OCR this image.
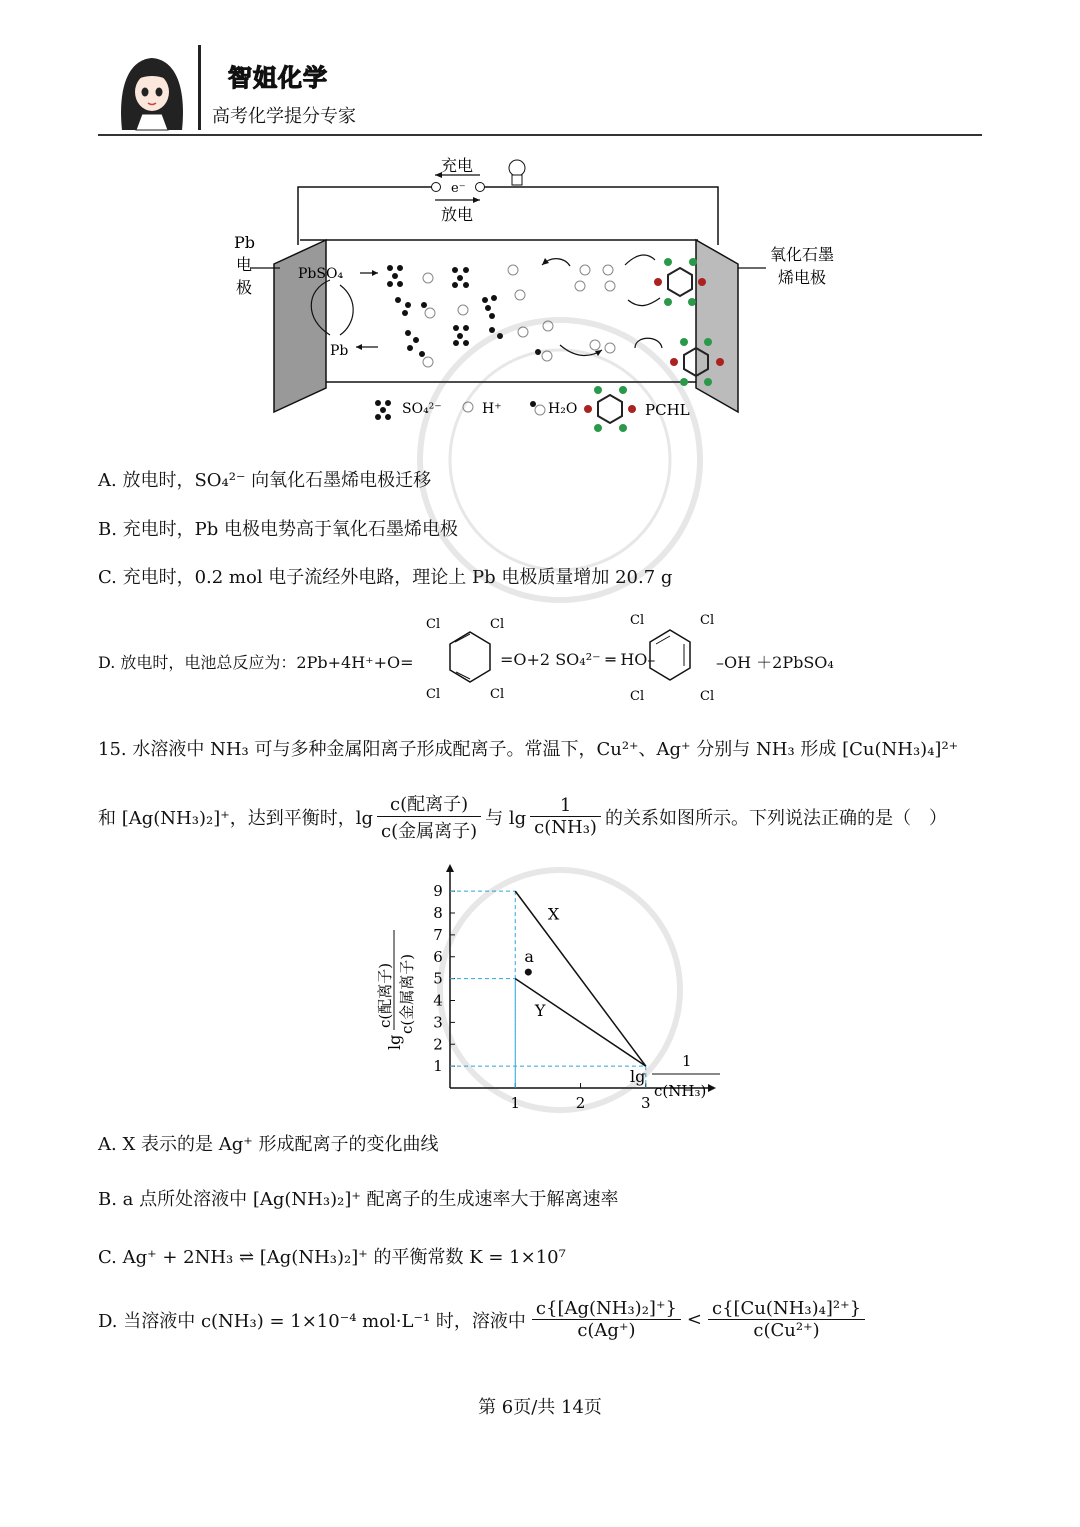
智姐化学
高考化学提分专家
充电
e⁻
放电
Pb
电
极
氧化石墨
烯电极
PbSO₄
Pb
SO₄²⁻	H⁺	H₂O	PCHL
A. 放电时，SO₄²⁻ 向氧化石墨烯电极迁移
B. 充电时，Pb 电极电势高于氧化石墨烯电极
C. 充电时，0.2 mol 电子流经外电路，理论上 Pb 电极质量增加 20.7 g
D. 放电时，电池总反应为：2Pb+4H⁺+O=
Cl	Cl
Cl	Cl
=O+2 SO₄²⁻ ═ HO–
Cl	Cl
Cl	Cl
–OH ＋2PbSO₄
15. 水溶液中 NH₃ 可与多种金属阳离子形成配离子。常温下，Cu²⁺、Ag⁺ 分别与 NH₃ 形成 [Cu(NH₃)₄]²⁺
和 [Ag(NH₃)₂]⁺，达到平衡时，$\lg \frac{\text{c(配离子)}}{\text{c(金属离子)}}$ 与 $\lg \frac{1}{\text{c(NH₃)}}$ 的关系如图所示。下列说法正确的是（　）
1
2
3
4
5
6
7
8
9
1	2	3
X
Y
a
lg
c(配离子) c(金属离子)
lg
1
c(NH₃)
A. X 表示的是 Ag⁺ 形成配离子的变化曲线
B. a 点所处溶液中 [Ag(NH₃)₂]⁺ 配离子的生成速率大于解离速率
C. Ag⁺ + 2NH₃ ⇌ [Ag(NH₃)₂]⁺ 的平衡常数 K = 1×10⁷
D. 当溶液中 c(NH₃) = 1×10⁻⁴ mol·L⁻¹ 时，溶液中 $\frac{\text{c\{[Ag(NH₃)₂]⁺\}}}{c(Ag^+)} < \frac{\text{c\{[Cu(NH₃)₄]²⁺\}}}{\text{c(Cu²⁺)}}$
第 6页/共 14页
